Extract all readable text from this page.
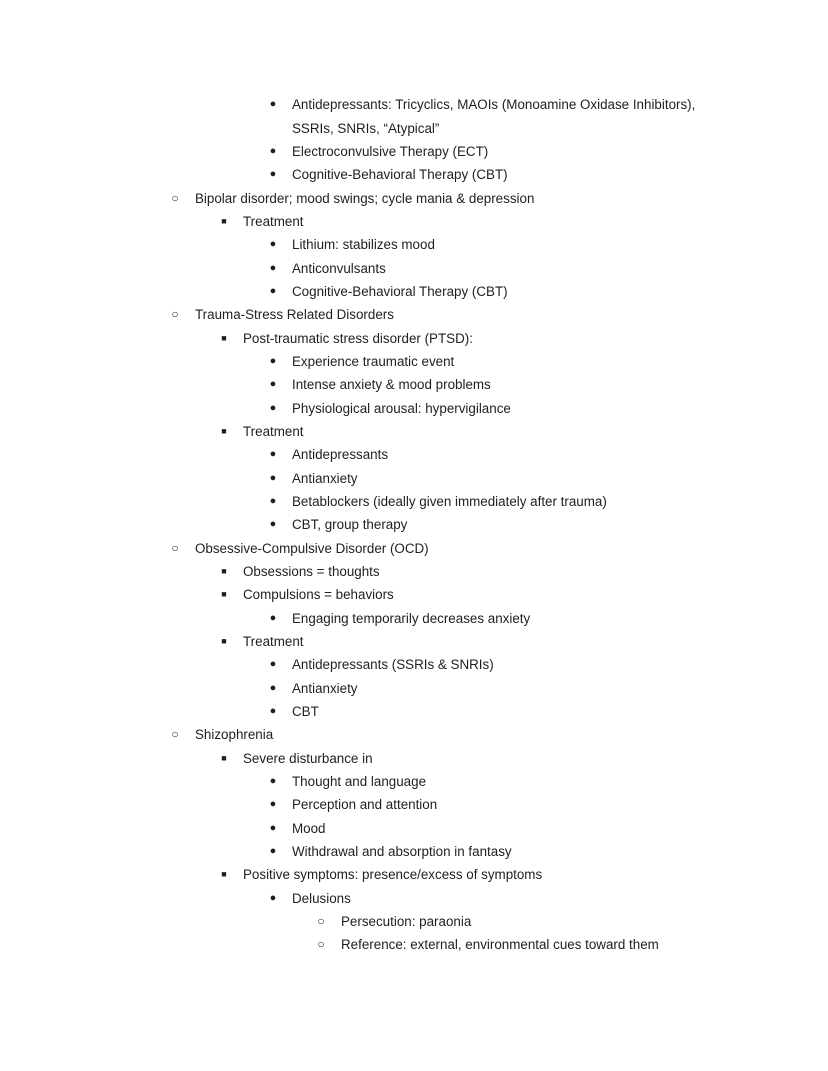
● Antidepressants: Tricyclics, MAOIs (Monoamine Oxidase Inhibitors),
SSRIs, SNRIs, “Atypical”
● Electroconvulsive Therapy (ECT)
● Cognitive-Behavioral Therapy (CBT)
○ Bipolar disorder; mood swings; cycle mania & depression
■	Treatment
● Lithium: stabilizes mood
● Anticonvulsants
● Cognitive-Behavioral Therapy (CBT)
○ Trauma-Stress Related Disorders
■	Post-traumatic stress disorder (PTSD):
● Experience traumatic event
● Intense anxiety & mood problems
● Physiological arousal: hypervigilance
■	Treatment
● Antidepressants
● Antianxiety
● Betablockers (ideally given immediately after trauma)
● CBT, group therapy
○ Obsessive-Compulsive Disorder (OCD)
■	Obsessions = thoughts
■	Compulsions = behaviors
● Engaging temporarily decreases anxiety
■	Treatment
● Antidepressants (SSRIs & SNRIs)
● Antianxiety
● CBT
○ Shizophrenia
■	Severe disturbance in
● Thought and language
● Perception and attention
● Mood
● Withdrawal and absorption in fantasy
■	Positive symptoms: presence/excess of symptoms
● Delusions
○ Persecution: paraonia
○ Reference: external, environmental cues toward them
